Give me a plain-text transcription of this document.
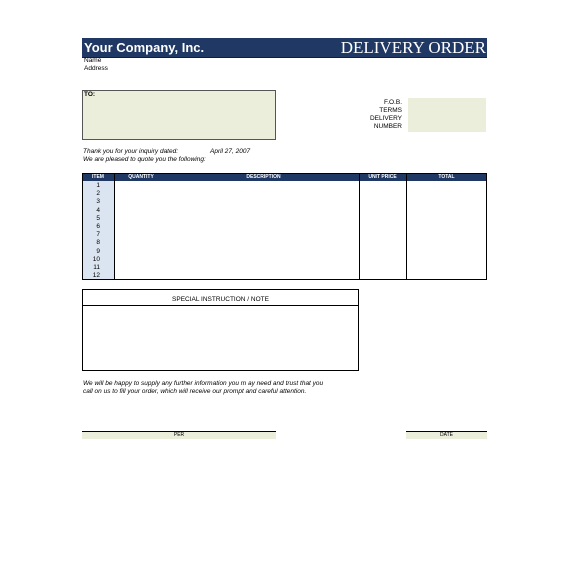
Your Company, Inc.	DELIVERY ORDER
Name
Address
TO:
F.O.B.
TERMS
DELIVERY
NUMBER
Thank you for your inquiry dated:	April 27, 2007
We are pleased to quote you the following:
ITEM	QUANTITY	DESCRIPTION	UNIT PRICE	TOTAL
1
2
3
4
5
6
7
8
9
10
11
12
SPECIAL INSTRUCTION / NOTE
We will be happy to supply any further information you m ay need and trust that you
call on us to fill your order, which will receive our prompt and careful attention.
PER	DATE
